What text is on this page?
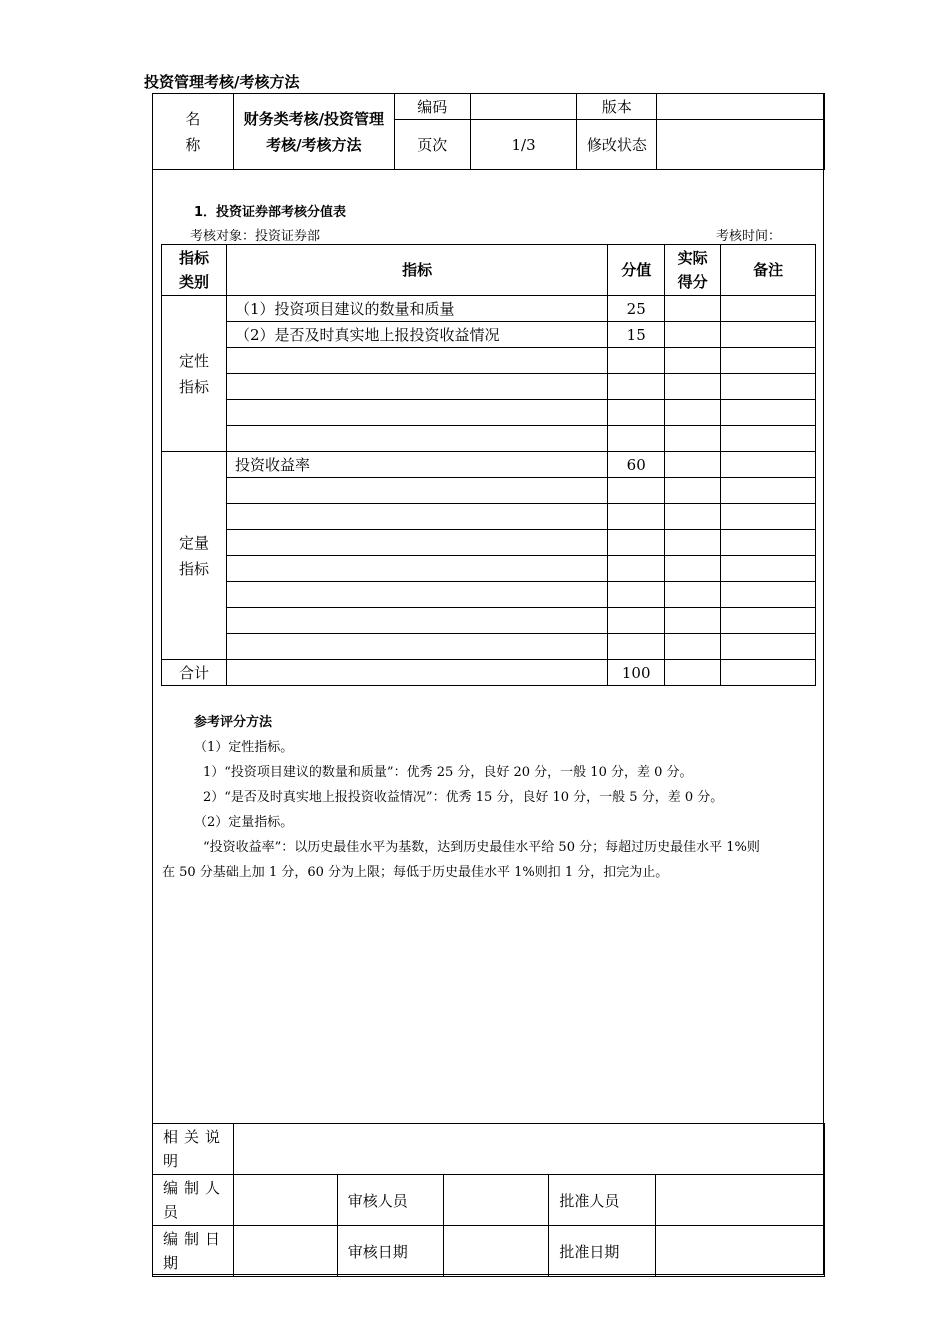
投资管理考核/考核方法
名称	财务类考核/投资管理考核/考核方法	编码		版本	
		页次	1/3	修改状态	

1．投资证券部考核分值表
考核对象：投资证券部	考核时间：
指标类别	指标	分值	实际得分	备注

定性指标	（1）投资项目建议的数量和质量	25		
	（2）是否及时真实地上报投资收益情况	15		

定量指标	投资收益率	60		

合计		100		
参考评分方法
（1）定性指标。
1）“投资项目建议的数量和质量”：优秀 25 分，良好 20 分，一般 10 分，差 0 分。
2）“是否及时真实地上报投资收益情况”：优秀 15 分，良好 10 分，一般 5 分，差 0 分。
（2）定量指标。
“投资收益率”：以历史最佳水平为基数，达到历史最佳水平给 50 分；每超过历史最佳水平 1%则
在 50 分基础上加 1 分，60 分为上限；每低于历史最佳水平 1%则扣 1 分，扣完为止。
相关说明					
编制人员		审核人员		批准人员	
编制日期		审核日期		批准日期	
